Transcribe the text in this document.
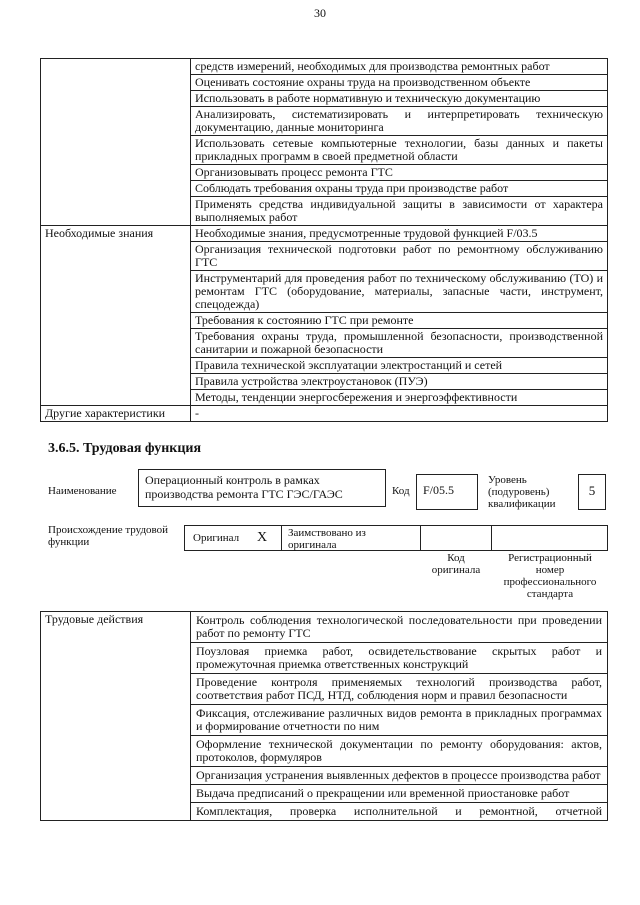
30
	средств измерений, необходимых для производства ремонтных работ
	Оценивать состояние охраны труда на производственном объекте
	Использовать в работе нормативную и техническую документацию
	Анализировать, систематизировать и интерпретировать техническую документацию, данные мониторинга
	Использовать сетевые компьютерные технологии, базы данных и пакеты прикладных программ в своей предметной области
	Организовывать процесс ремонта ГТС
	Соблюдать требования охраны труда при производстве работ
	Применять средства индивидуальной защиты в зависимости от характера выполняемых работ
Необходимые знания	Необходимые знания, предусмотренные трудовой функцией F/03.5
	Организация технической подготовки работ по ремонтному обслуживанию ГТС
	Инструментарий для проведения работ по техническому обслуживанию (ТО) и ремонтам ГТС (оборудование, материалы, запасные части, инструмент, спецодежда)
	Требования к состоянию ГТС при ремонте
	Требования охраны труда, промышленной безопасности, производственной санитарии и пожарной безопасности
	Правила технической эксплуатации электростанций и сетей
	Правила устройства электроустановок (ПУЭ)
	Методы, тенденции энергосбережения и энергоэффективности
Другие характеристики	-
3.6.5. Трудовая функция
Наименование
Операционный контроль в рамках производства ремонта ГТС ГЭС/ГАЭС	Код	F/05.5
Уровень (подуровень) квалификации
5
Происхождение трудовой функции	Оригинал X Заимствовано из оригинала
Код оригинала
Регистрационный номер профессионального стандарта
Трудовые действия	Контроль соблюдения технологической последовательности при проведении работ по ремонту ГТС
Поузловая приемка работ, освидетельствование скрытых работ и промежуточная приемка ответственных конструкций
Проведение контроля применяемых технологий производства работ, соответствия работ ПСД, НТД, соблюдения норм и правил безопасности
Фиксация, отслеживание различных видов ремонта в прикладных программах и формирование отчетности по ним
Оформление технической документации по ремонту оборудования: актов, протоколов, формуляров
Организация устранения выявленных дефектов в процессе производства работ
Выдача предписаний о прекращении или временной приостановке работ
Комплектация, проверка исполнительной и ремонтной, отчетной
